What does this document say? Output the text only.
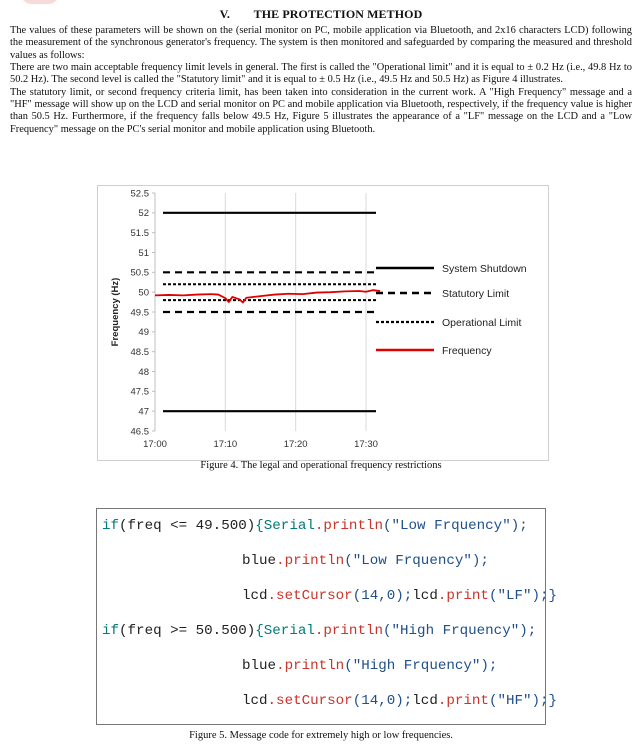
V. THE PROTECTION METHOD

The values of these parameters will be shown on the (serial monitor on PC, mobile application via Bluetooth, and 2x16 characters LCD) following the measurement of the synchronous generator's frequency. The system is then monitored and safeguarded by comparing the measured and threshold values as follows:

There are two main acceptable frequency limit levels in general. The first is called the "Operational limit" and it is equal to ± 0.2 Hz (i.e., 49.8 Hz to 50.2 Hz). The second level is called the "Statutory limit" and it is equal to ± 0.5 Hz (i.e., 49.5 Hz and 50.5 Hz) as Figure 4 illustrates.

The statutory limit, or second frequency criteria limit, has been taken into consideration in the current work. A "High Frequency" message and a "HF" message will show up on the LCD and serial monitor on PC and mobile application via Bluetooth, respectively, if the frequency value is higher than 50.5 Hz. Furthermore, if the frequency falls below 49.5 Hz, Figure 5 illustrates the appearance of a "LF" message on the LCD and a "Low Frequency" message on the PC's serial monitor and mobile application using Bluetooth.

52.5
52
51.5
51
50.5
50
49.5
49
48.5
48
47.5
47
46.5
17:00	17:10	17:20	17:30
Frequency (Hz)
System Shutdown
Statutory Limit
Operational Limit
Frequency
Figure 4. The legal and operational frequency restrictions
if(freq <= 49.500){Serial.println("Low Frquency");
blue.println("Low Frquency");
lcd.setCursor(14,0);lcd.print("LF");}
if(freq >= 50.500){Serial.println("High Frquency");
blue.println("High Frquency");
lcd.setCursor(14,0);lcd.print("HF");}
Figure 5. Message code for extremely high or low frequencies.
